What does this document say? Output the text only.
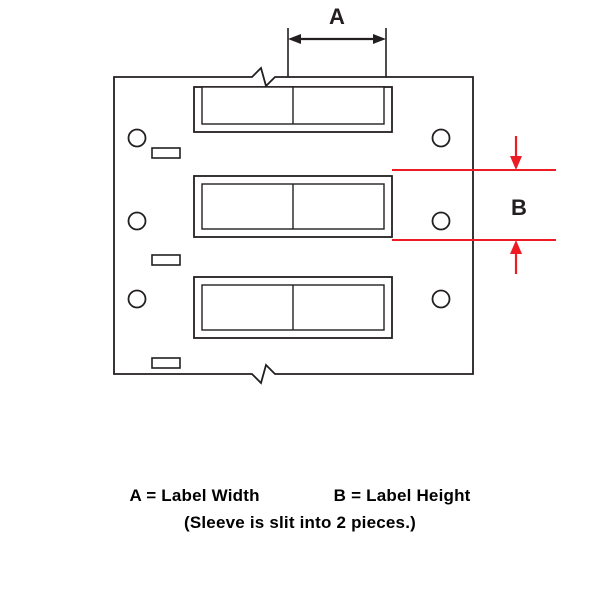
A
B
A = Label Width	B = Label Height
(Sleeve is slit into 2 pieces.)
